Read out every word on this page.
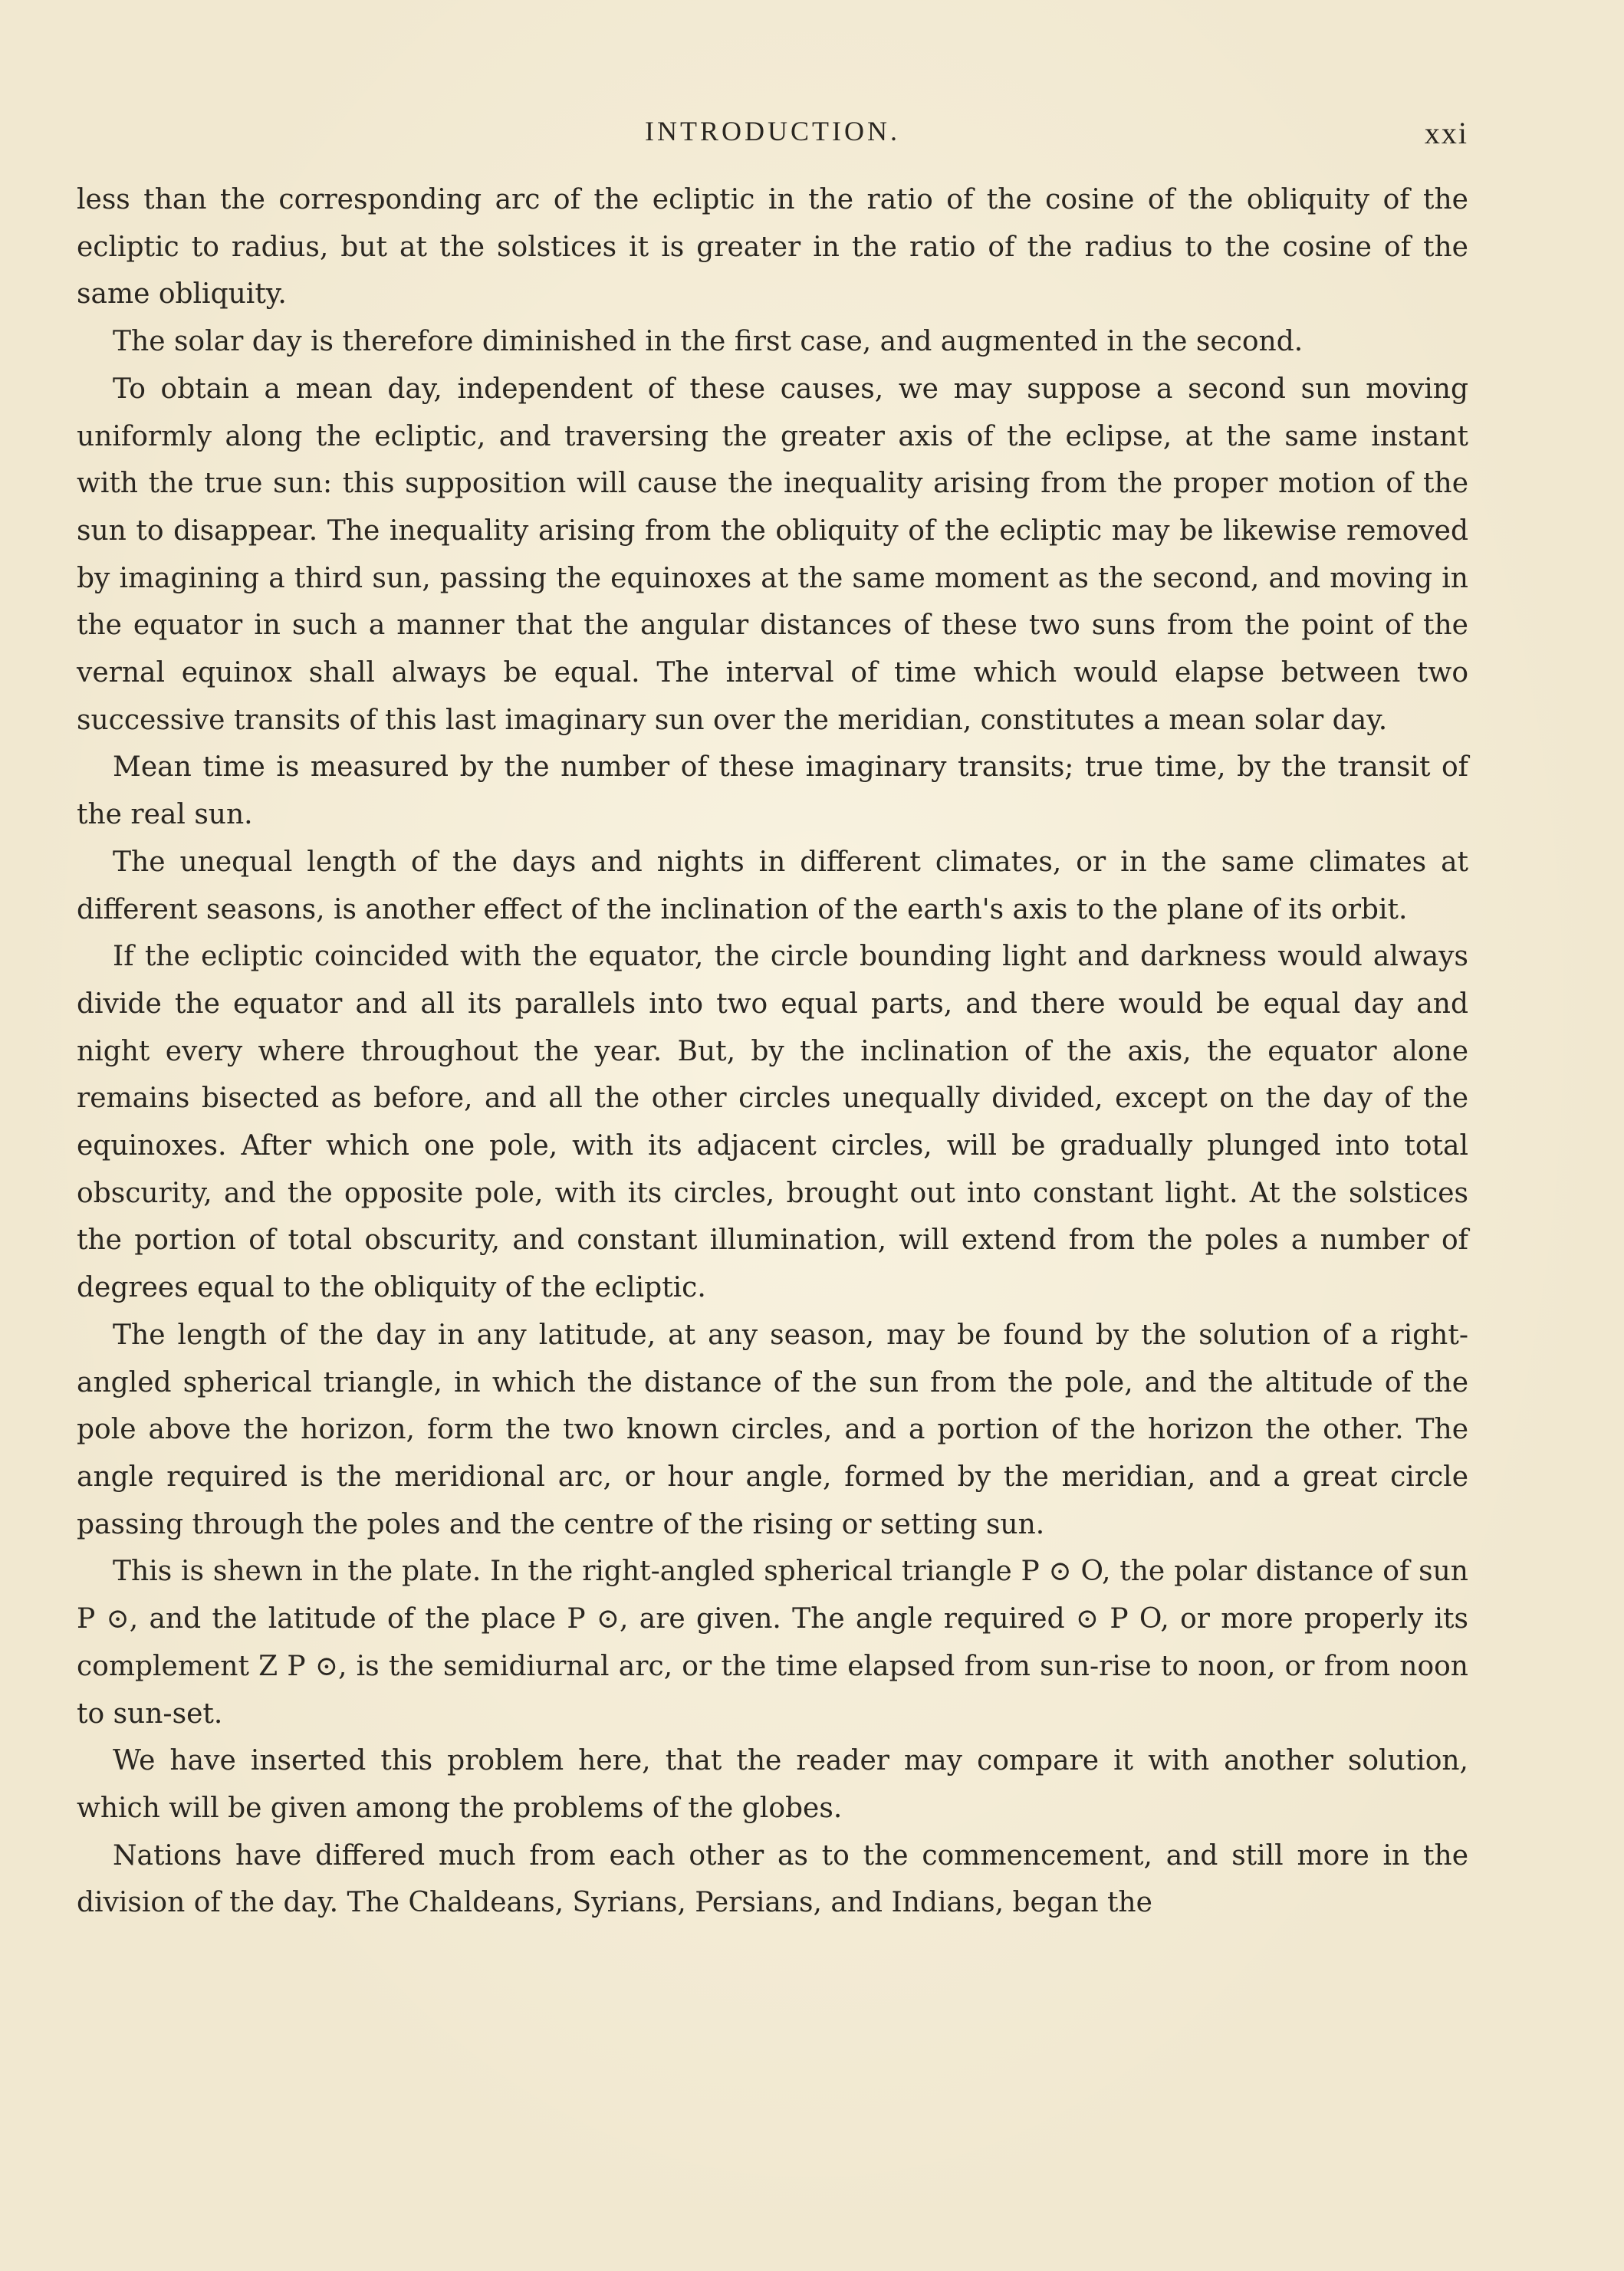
INTRODUCTION.	xxi

less than the corresponding arc of the ecliptic in the ratio of the cosine of the obliquity of the ecliptic to radius, but at the solstices it is greater in the ratio of the radius to the cosine of the same obliquity.

The solar day is therefore diminished in the first case, and augmented in the second.

To obtain a mean day, independent of these causes, we may suppose a second sun moving uniformly along the ecliptic, and traversing the greater axis of the eclipse, at the same instant with the true sun: this supposition will cause the inequality arising from the proper motion of the sun to disappear. The inequality arising from the obliquity of the ecliptic may be likewise removed by imagining a third sun, passing the equinoxes at the same moment as the second, and moving in the equator in such a manner that the angular distances of these two suns from the point of the vernal equinox shall always be equal. The interval of time which would elapse between two successive transits of this last imaginary sun over the meridian, constitutes a mean solar day.

Mean time is measured by the number of these imaginary transits; true time, by the transit of the real sun.

The unequal length of the days and nights in different climates, or in the same climates at different seasons, is another effect of the inclination of the earth's axis to the plane of its orbit.

If the ecliptic coincided with the equator, the circle bounding light and darkness would always divide the equator and all its parallels into two equal parts, and there would be equal day and night every where throughout the year. But, by the inclination of the axis, the equator alone remains bisected as before, and all the other circles unequally divided, except on the day of the equinoxes. After which one pole, with its adjacent circles, will be gradually plunged into total obscurity, and the opposite pole, with its circles, brought out into constant light. At the solstices the portion of total obscurity, and constant illumination, will extend from the poles a number of degrees equal to the obliquity of the ecliptic.

The length of the day in any latitude, at any season, may be found by the solution of a right-angled spherical triangle, in which the distance of the sun from the pole, and the altitude of the pole above the horizon, form the two known circles, and a portion of the horizon the other. The angle required is the meridional arc, or hour angle, formed by the meridian, and a great circle passing through the poles and the centre of the rising or setting sun.

This is shewn in the plate. In the right-angled spherical triangle P ⊙ O, the polar distance of sun P ⊙, and the latitude of the place P ⊙, are given. The angle required ⊙ P O, or more properly its complement Z P ⊙, is the semidiurnal arc, or the time elapsed from sun-rise to noon, or from noon to sun-set.

We have inserted this problem here, that the reader may compare it with another solution, which will be given among the problems of the globes.

Nations have differed much from each other as to the commencement, and still more in the division of the day. The Chaldeans, Syrians, Persians, and Indians, began the
